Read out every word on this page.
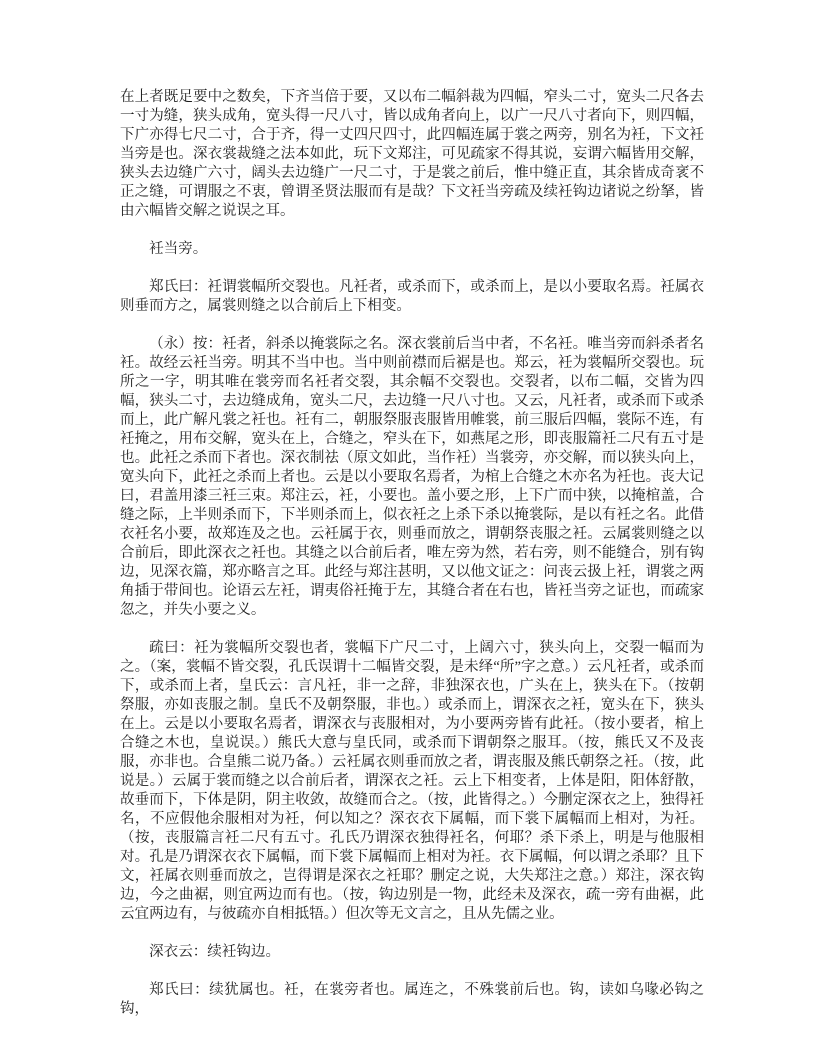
在上者既足要中之数矣，下齐当倍于要，又以布二幅斜裁为四幅，窄头二寸，宽头二尺各去一寸为缝，狭头成角，宽头得一尺八寸，皆以成角者向上，以广一尺八寸者向下，则四幅，下广亦得七尺二寸，合于齐，得一丈四尺四寸，此四幅连属于裳之两旁，别名为衽，下文衽当旁是也。深衣裳裁缝之法本如此，玩下文郑注，可见疏家不得其说，妄谓六幅皆用交解，狭头去边缝广六寸，阔头去边缝广一尺二寸，于是裳之前后，惟中缝正直，其余皆成奇衺不正之缝，可谓服之不衷，曾谓圣贤法服而有是哉？下文衽当旁疏及续衽钩边诸说之纷拏，皆由六幅皆交解之说误之耳。

衽当旁。

郑氏曰：衽谓裳幅所交裂也。凡衽者，或杀而下，或杀而上，是以小要取名焉。衽属衣则垂而方之，属裳则缝之以合前后上下相变。

（永）按：衽者，斜杀以掩裳际之名。深衣裳前后当中者，不名衽。唯当旁而斜杀者名衽。故经云衽当旁。明其不当中也。当中则前襟而后裾是也。郑云，衽为裳幅所交裂也。玩所之一字，明其唯在裳旁而名衽者交裂，其余幅不交裂也。交裂者，以布二幅，交皆为四幅，狭头二寸，去边缝成角，宽头二尺，去边缝一尺八寸也。又云，凡衽者，或杀而下或杀而上，此广解凡裳之衽也。衽有二，朝服祭服丧服皆用帷裳，前三服后四幅，裳际不连，有衽掩之，用布交解，宽头在上，合缝之，窄头在下，如燕尾之形，即丧服篇衽二尺有五寸是也。此衽之杀而下者也。深衣制祛（原文如此，当作衽）当裳旁，亦交解，而以狭头向上，宽头向下，此衽之杀而上者也。云是以小要取名焉者，为棺上合缝之木亦名为衽也。丧大记曰，君盖用漆三衽三束。郑注云，衽，小要也。盖小要之形，上下广而中狭，以掩棺盖，合缝之际，上半则杀而下，下半则杀而上，似衣衽之上杀下杀以掩裳际，是以有衽之名。此借衣衽名小要，故郑连及之也。云衽属于衣，则垂而放之，谓朝祭丧服之衽。云属裳则缝之以合前后，即此深衣之衽也。其缝之以合前后者，唯左旁为然，若右旁，则不能缝合，别有钩边，见深衣篇，郑亦略言之耳。此经与郑注甚明，又以他文证之：问丧云扱上衽，谓裳之两角插于带间也。论语云左衽，谓夷俗衽掩于左，其缝合者在右也，皆衽当旁之证也，而疏家忽之，并失小要之义。

疏曰：衽为裳幅所交裂也者，裳幅下广尺二寸，上阔六寸，狭头向上，交裂一幅而为之。（案，裳幅不皆交裂，孔氏误谓十二幅皆交裂，是未绎“所”字之意。）云凡衽者，或杀而下，或杀而上者，皇氏云：言凡衽，非一之辞，非独深衣也，广头在上，狭头在下。（按朝祭服，亦如丧服之制。皇氏不及朝祭服，非也。）或杀而上，谓深衣之衽，宽头在下，狭头在上。云是以小要取名焉者，谓深衣与丧服相对，为小要两旁皆有此衽。（按小要者，棺上合缝之木也，皇说误。）熊氏大意与皇氏同，或杀而下谓朝祭之服耳。（按，熊氏又不及丧服，亦非也。合皇熊二说乃备。）云衽属衣则垂而放之者，谓丧服及熊氏朝祭之衽。（按，此说是。）云属于裳而缝之以合前后者，谓深衣之衽。云上下相变者，上体是阳，阳体舒散，故垂而下，下体是阴，阴主收敛，故缝而合之。（按，此皆得之。）今删定深衣之上，独得衽名，不应假他余服相对为衽，何以知之？深衣衣下属幅，而下裳下属幅而上相对，为衽。（按，丧服篇言衽二尺有五寸。孔氏乃谓深衣独得衽名，何耶？杀下杀上，明是与他服相对。孔是乃谓深衣衣下属幅，而下裳下属幅而上相对为衽。衣下属幅，何以谓之杀耶？且下文，衽属衣则垂而放之，岂得谓是深衣之衽耶？删定之说，大失郑注之意。）郑注，深衣钩边，今之曲裾，则宜两边而有也。（按，钩边别是一物，此经未及深衣，疏一旁有曲裾，此云宜两边有，与彼疏亦自相抵牾。）但次等无文言之，且从先儒之业。

深衣云：续衽钩边。

郑氏曰：续犹属也。衽，在裳旁者也。属连之，不殊裳前后也。钩，读如乌喙必钩之钩，
